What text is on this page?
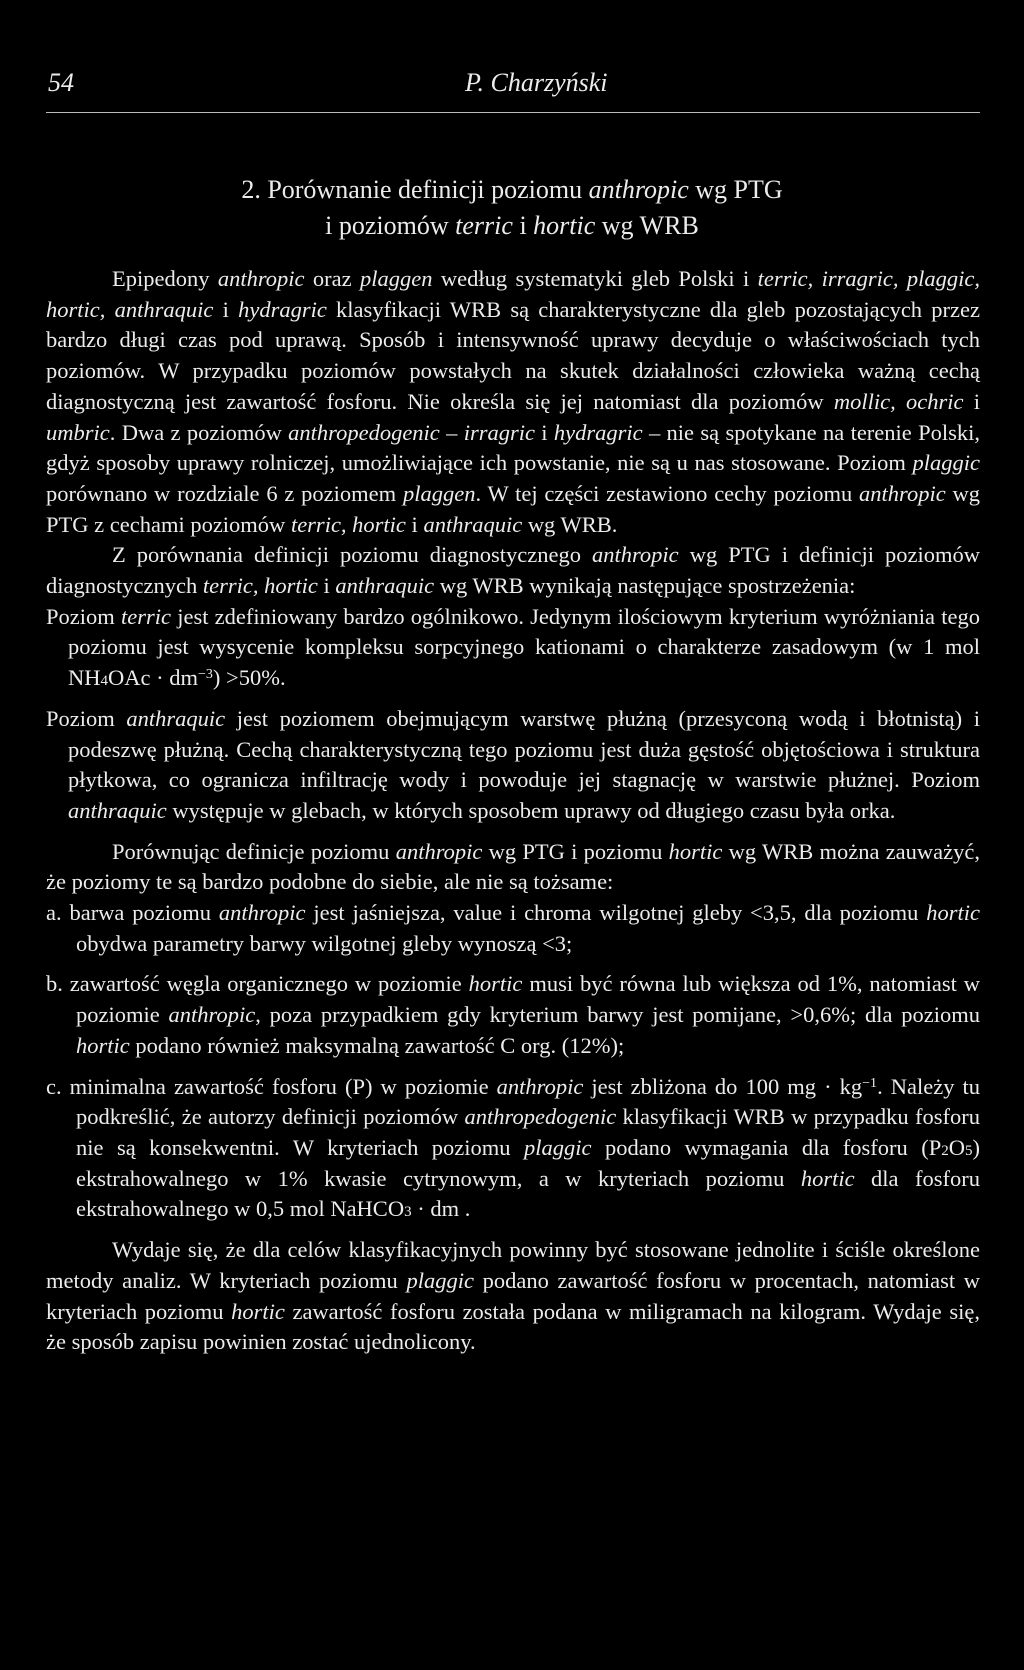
54	P. Charzyński
2. Porównanie definicji poziomu anthropic wg PTG
i poziomów terric i hortic wg WRB

Epipedony anthropic oraz plaggen według systematyki gleb Polski i terric, irragric, plaggic, hortic, anthraquic i hydragric klasyfikacji WRB są charakterystyczne dla gleb pozostających przez bardzo długi czas pod uprawą. Sposób i intensywność uprawy decyduje o właściwościach tych poziomów. W przypadku poziomów powstałych na skutek działalności człowieka ważną cechą diagnostyczną jest zawartość fosforu. Nie określa się jej natomiast dla poziomów mollic, ochric i umbric. Dwa z poziomów anthropedogenic – irragric i hydragric – nie są spotykane na terenie Polski, gdyż sposoby uprawy rolniczej, umożliwiające ich powstanie, nie są u nas stosowane. Poziom plaggic porównano w rozdziale 6 z poziomem plaggen. W tej części zestawiono cechy poziomu anthropic wg PTG z cechami poziomów terric, hortic i anthraquic wg WRB.

Z porównania definicji poziomu diagnostycznego anthropic wg PTG i definicji poziomów diagnostycznych terric, hortic i anthraquic wg WRB wynikają następujące spostrzeżenia:

Poziom terric jest zdefiniowany bardzo ogólnikowo. Jedynym ilościowym kryterium wyróżniania tego poziomu jest wysycenie kompleksu sorpcyjnego kationami o charakterze zasadowym (w 1 mol $NH4OAc \cdot dm^{-3}) >50\%$.

Poziom anthraquic jest poziomem obejmującym warstwę płużną (przesyconą wodą i błotnistą) i podeszwę płużną. Cechą charakterystyczną tego poziomu jest duża gęstość objętościowa i struktura płytkowa, co ogranicza infiltrację wody i powoduje jej stagnację w warstwie płużnej. Poziom anthraquic występuje w glebach, w których sposobem uprawy od długiego czasu była orka.

Porównując definicje poziomu anthropic wg PTG i poziomu hortic wg WRB można zauważyć, że poziomy te są bardzo podobne do siebie, ale nie są tożsame:

a. barwa poziomu anthropic jest jaśniejsza, value i chroma wilgotnej gleby <3,5, dla poziomu hortic obydwa parametry barwy wilgotnej gleby wynoszą <3;

b. zawartość węgla organicznego w poziomie hortic musi być równa lub większa od 1%, natomiast w poziomie anthropic, poza przypadkiem gdy kryterium barwy jest pomijane, >0,6%; dla poziomu hortic podano również maksymalną zawartość C org. (12%);

c. minimalna zawartość fosforu (P) w poziomie anthropic jest zbliżona do 100 mg · $kg^{-1}$. Należy tu podkreślić, że autorzy definicji poziomów anthropedogenic klasyfikacji WRB w przypadku fosforu nie są konsekwentni. W kryteriach poziomu plaggic podano wymagania dla fosforu (P2O5) ekstrahowalnego w 1% kwasie cytrynowym, a w kryteriach poziomu hortic dla fosforu ekstrahowalnego w 0,5 mol NaHCO3 · dm .

Wydaje się, że dla celów klasyfikacyjnych powinny być stosowane jednolite i ściśle określone metody analiz. W kryteriach poziomu plaggic podano zawartość fosforu w procentach, natomiast w kryteriach poziomu hortic zawartość fosforu została podana w miligramach na kilogram. Wydaje się, że sposób zapisu powinien zostać ujednolicony.
